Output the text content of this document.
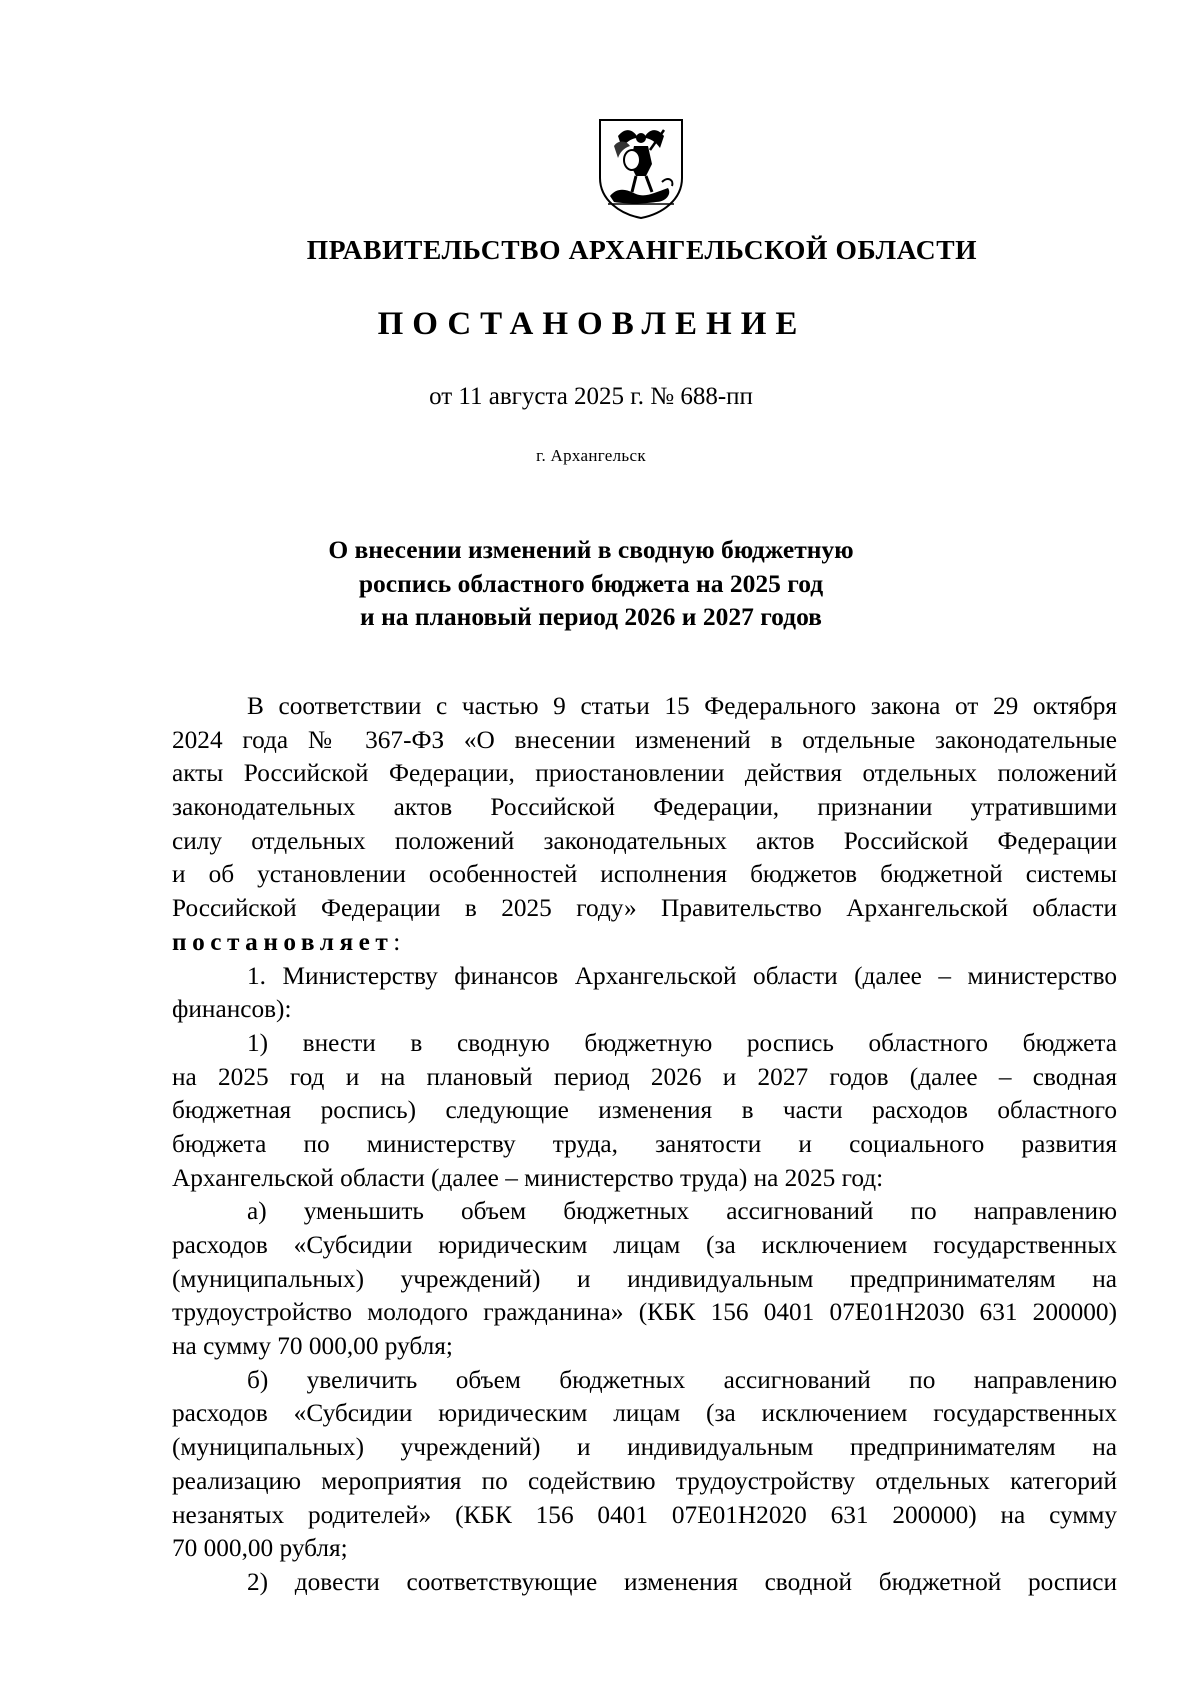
ПРАВИТЕЛЬСТВО АРХАНГЕЛЬСКОЙ ОБЛАСТИ
ПОСТАНОВЛЕНИЕ
от 11 августа 2025 г. № 688-пп
г. Архангельск
О внесении изменений в сводную бюджетную
роспись областного бюджета на 2025 год
и на плановый период 2026 и 2027 годов
В соответствии с частью 9 статьи 15 Федерального закона от 29 октября
2024 года № 367-ФЗ «О внесении изменений в отдельные законодательные
акты Российской Федерации, приостановлении действия отдельных положений
законодательных актов Российской Федерации, признании утратившими
силу отдельных положений законодательных актов Российской Федерации
и об установлении особенностей исполнения бюджетов бюджетной системы
Российской Федерации в 2025 году» Правительство Архангельской области
постановляет:
1. Министерству финансов Архангельской области (далее – министерство
финансов):
1) внести в сводную бюджетную роспись областного бюджета
на 2025 год и на плановый период 2026 и 2027 годов (далее – сводная
бюджетная роспись) следующие изменения в части расходов областного
бюджета по министерству труда, занятости и социального развития
Архангельской области (далее – министерство труда) на 2025 год:
а) уменьшить объем бюджетных ассигнований по направлению
расходов «Субсидии юридическим лицам (за исключением государственных
(муниципальных) учреждений) и индивидуальным предпринимателям на
трудоустройство молодого гражданина» (КБК 156 0401 07Е01Н2030 631 200000)
на сумму 70 000,00 рубля;
б) увеличить объем бюджетных ассигнований по направлению
расходов «Субсидии юридическим лицам (за исключением государственных
(муниципальных) учреждений) и индивидуальным предпринимателям на
реализацию мероприятия по содействию трудоустройству отдельных категорий
незанятых родителей» (КБК 156 0401 07Е01Н2020 631 200000) на сумму
70 000,00 рубля;
2) довести соответствующие изменения сводной бюджетной росписи
